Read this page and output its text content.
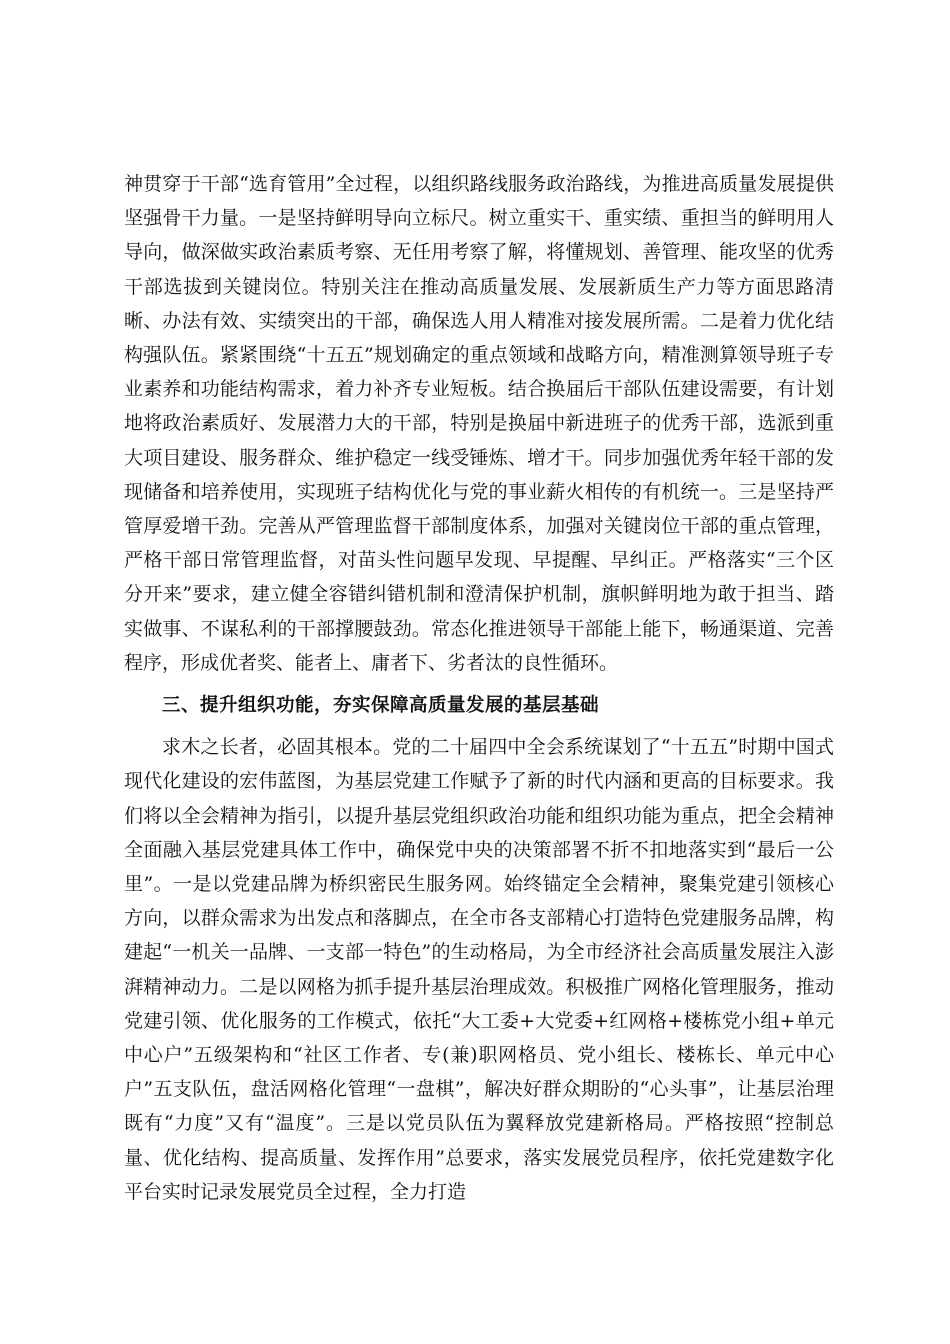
神贯穿于干部“选育管用”全过程，以组织路线服务政治路线，为推进高质量发展提供坚强骨干力量。一是坚持鲜明导向立标尺。树立重实干、重实绩、重担当的鲜明用人导向，做深做实政治素质考察、无任用考察了解，将懂规划、善管理、能攻坚的优秀干部选拔到关键岗位。特别关注在推动高质量发展、发展新质生产力等方面思路清晰、办法有效、实绩突出的干部，确保选人用人精准对接发展所需。二是着力优化结构强队伍。紧紧围绕“十五五”规划确定的重点领域和战略方向，精准测算领导班子专业素养和功能结构需求，着力补齐专业短板。结合换届后干部队伍建设需要，有计划地将政治素质好、发展潜力大的干部，特别是换届中新进班子的优秀干部，选派到重大项目建设、服务群众、维护稳定一线受锤炼、增才干。同步加强优秀年轻干部的发现储备和培养使用，实现班子结构优化与党的事业薪火相传的有机统一。三是坚持严管厚爱增干劲。完善从严管理监督干部制度体系，加强对关键岗位干部的重点管理，严格干部日常管理监督，对苗头性问题早发现、早提醒、早纠正。严格落实“三个区分开来”要求，建立健全容错纠错机制和澄清保护机制，旗帜鲜明地为敢于担当、踏实做事、不谋私利的干部撑腰鼓劲。常态化推进领导干部能上能下，畅通渠道、完善程序，形成优者奖、能者上、庸者下、劣者汰的良性循环。

三、提升组织功能，夯实保障高质量发展的基层基础

求木之长者，必固其根本。党的二十届四中全会系统谋划了“十五五”时期中国式现代化建设的宏伟蓝图，为基层党建工作赋予了新的时代内涵和更高的目标要求。我们将以全会精神为指引，以提升基层党组织政治功能和组织功能为重点，把全会精神全面融入基层党建具体工作中，确保党中央的决策部署不折不扣地落实到“最后一公里”。一是以党建品牌为桥织密民生服务网。始终锚定全会精神，聚集党建引领核心方向，以群众需求为出发点和落脚点，在全市各支部精心打造特色党建服务品牌，构建起“一机关一品牌、一支部一特色”的生动格局，为全市经济社会高质量发展注入澎湃精神动力。二是以网格为抓手提升基层治理成效。积极推广网格化管理服务，推动党建引领、优化服务的工作模式，依托“大工委+大党委+红网格+楼栋党小组+单元中心户”五级架构和“社区工作者、专(兼)职网格员、党小组长、楼栋长、单元中心户”五支队伍，盘活网格化管理“一盘棋”，解决好群众期盼的“心头事”，让基层治理既有“力度”又有“温度”。三是以党员队伍为翼释放党建新格局。严格按照“控制总量、优化结构、提高质量、发挥作用”总要求，落实发展党员程序，依托党建数字化平台实时记录发展党员全过程，全力打造
